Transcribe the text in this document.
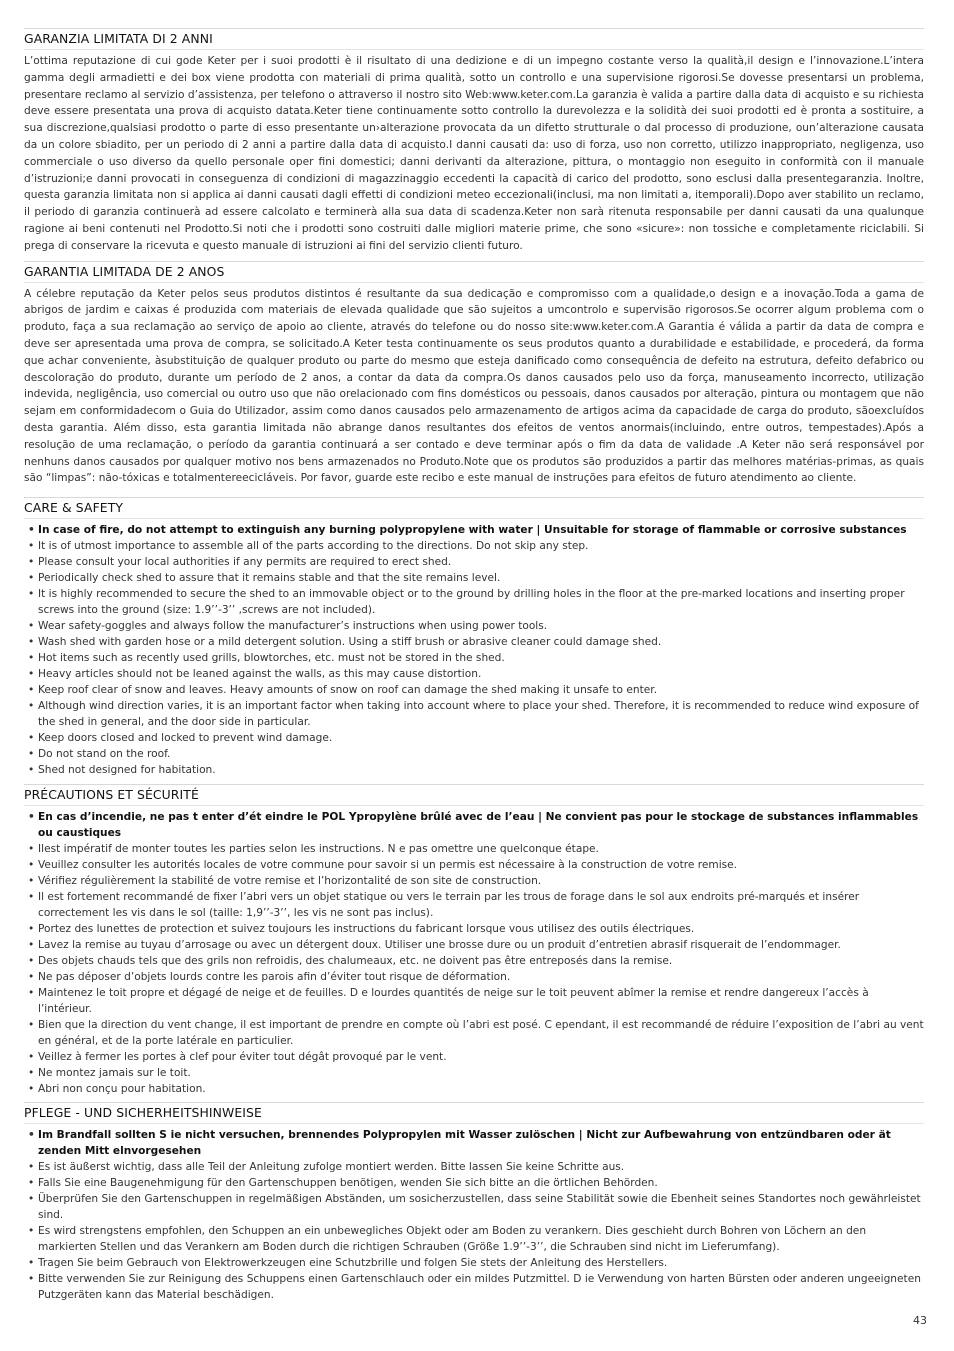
GARANZIA LIMITATA DI 2 ANNI

L’ottima reputazione di cui gode Keter per i suoi prodotti è il risultato di una dedizione e di un impegno costante verso la qualità,il design e l’innovazione.L’intera gamma degli armadietti e dei box viene prodotta con materiali di prima qualità, sotto un controllo e una supervisione rigorosi.Se dovesse presentarsi un problema, presentare reclamo al servizio d’assistenza, per telefono o attraverso il nostro sito Web:www.keter.com.La garanzia è valida a partire dalla data di acquisto e su richiesta deve essere presentata una prova di acquisto datata.Keter tiene continuamente sotto controllo la durevolezza e la solidità dei suoi prodotti ed è pronta a sostituire, a sua discrezione,qualsiasi prodotto o parte di esso presentante un›alterazione provocata da un difetto strutturale o dal processo di produzione, oun’alterazione causata da un colore sbiadito, per un periodo di 2 anni a partire dalla data di acquisto.I danni causati da: uso di forza, uso non corretto, utilizzo inappropriato, negligenza, uso commerciale o uso diverso da quello personale oper fini domestici; danni derivanti da alterazione, pittura, o montaggio non eseguito in conformità con il manuale d’istruzioni;e danni provocati in conseguenza di condizioni di magazzinaggio eccedenti la capacità di carico del prodotto, sono esclusi dalla presentegaranzia. Inoltre, questa garanzia limitata non si applica ai danni causati dagli effetti di condizioni meteo eccezionali(inclusi, ma non limitati a, itemporali).Dopo aver stabilito un reclamo, il periodo di garanzia continuerà ad essere calcolato e terminerà alla sua data di scadenza.Keter non sarà ritenuta responsabile per danni causati da una qualunque ragione ai beni contenuti nel Prodotto.Si noti che i prodotti sono costruiti dalle migliori materie prime, che sono «sicure»: non tossiche e completamente riciclabili. Si prega di conservare la ricevuta e questo manuale di istruzioni ai fini del servizio clienti futuro.

GARANTIA LIMITADA DE 2 ANOS

A célebre reputação da Keter pelos seus produtos distintos é resultante da sua dedicação e compromisso com a qualidade,o design e a inovação.Toda a gama de abrigos de jardim e caixas é produzida com materiais de elevada qualidade que são sujeitos a umcontrolo e supervisão rigorosos.Se ocorrer algum problema com o produto, faça a sua reclamação ao serviço de apoio ao cliente, através do telefone ou do nosso site:www.keter.com.A Garantia é válida a partir da data de compra e deve ser apresentada uma prova de compra, se solicitado.A Keter testa continuamente os seus produtos quanto a durabilidade e estabilidade, e procederá, da forma que achar conveniente, àsubstituição de qualquer produto ou parte do mesmo que esteja danificado como consequência de defeito na estrutura, defeito defabrico ou descoloração do produto, durante um período de 2 anos, a contar da data da compra.Os danos causados pelo uso da força, manuseamento incorrecto, utilização indevida, negligência, uso comercial ou outro uso que não orelacionado com fins domésticos ou pessoais, danos causados por alteração, pintura ou montagem que não sejam em conformidadecom o Guia do Utilizador, assim como danos causados pelo armazenamento de artigos acima da capacidade de carga do produto, sãoexcluídos desta garantia. Além disso, esta garantia limitada não abrange danos resultantes dos efeitos de ventos anormais(incluindo, entre outros, tempestades).Após a resolução de uma reclamação, o período da garantia continuará a ser contado e deve terminar após o fim da data de validade .A Keter não será responsável por nenhuns danos causados por qualquer motivo nos bens armazenados no Produto.Note que os produtos são produzidos a partir das melhores matérias-primas, as quais são “limpas”: não-tóxicas e totalmentereecicláveis. Por favor, guarde este recibo e este manual de instruções para efeitos de futuro atendimento ao cliente.

CARE & SAFETY
• In case of fire, do not attempt to extinguish any burning polypropylene with water | Unsuitable for storage of flammable or corrosive substances
• It is of utmost importance to assemble all of the parts according to the directions. Do not skip any step.
• Please consult your local authorities if any permits are required to erect shed.
• Periodically check shed to assure that it remains stable and that the site remains level.
• It is highly recommended to secure the shed to an immovable object or to the ground by drilling holes in the floor at the pre-marked locations and inserting proper screws into the ground (size: 1.9’’-3’’ ,screws are not included).
• Wear safety-goggles and always follow the manufacturer’s instructions when using power tools.
• Wash shed with garden hose or a mild detergent solution. Using a stiff brush or abrasive cleaner could damage shed.
• Hot items such as recently used grills, blowtorches, etc. must not be stored in the shed.
• Heavy articles should not be leaned against the walls, as this may cause distortion.
• Keep roof clear of snow and leaves. Heavy amounts of snow on roof can damage the shed making it unsafe to enter.
• Although wind direction varies, it is an important factor when taking into account where to place your shed. Therefore, it is recommended to reduce wind exposure of the shed in general, and the door side in particular.
• Keep doors closed and locked to prevent wind damage.
• Do not stand on the roof.
• Shed not designed for habitation.
PRÉCAUTIONS ET SÉCURITÉ
• En cas d’incendie, ne pas t enter d’ét eindre le POL Ypropylène brûlé avec de l’eau | Ne convient pas pour le stockage de substances inflammables ou caustiques
• Ilest impératif de monter toutes les parties selon les instructions. N e pas omettre une quelconque étape.
• Veuillez consulter les autorités locales de votre commune pour savoir si un permis est nécessaire à la construction de votre remise.
• Vérifiez régulièrement la stabilité de votre remise et l’horizontalité de son site de construction.
• Il est fortement recommandé de fixer l’abri vers un objet statique ou vers le terrain par les trous de forage dans le sol aux endroits pré-marqués et insérer correctement les vis dans le sol (taille: 1,9’’-3’’, les vis ne sont pas inclus).
• Portez des lunettes de protection et suivez toujours les instructions du fabricant lorsque vous utilisez des outils électriques.
• Lavez la remise au tuyau d’arrosage ou avec un détergent doux. Utiliser une brosse dure ou un produit d’entretien abrasif risquerait de l’endommager.
• Des objets chauds tels que des grils non refroidis, des chalumeaux, etc. ne doivent pas être entreposés dans la remise.
• Ne pas déposer d’objets lourds contre les parois afin d’éviter tout risque de déformation.
• Maintenez le toit propre et dégagé de neige et de feuilles. D e lourdes quantités de neige sur le toit peuvent abîmer la remise et rendre dangereux l’accès à l’intérieur.
• Bien que la direction du vent change, il est important de prendre en compte où l’abri est posé. C ependant, il est recommandé de réduire l’exposition de l’abri au vent en général, et de la porte latérale en particulier.
• Veillez à fermer les portes à clef pour éviter tout dégât provoqué par le vent.
• Ne montez jamais sur le toit.
• Abri non conçu pour habitation.
PFLEGE - UND SICHERHEITSHINWEISE
• Im Brandfall sollten S ie nicht versuchen, brennendes Polypropylen mit Wasser zulöschen | Nicht zur Aufbewahrung von entzündbaren oder ät zenden Mitt elnvorgesehen
• Es ist äußerst wichtig, dass alle Teil der Anleitung zufolge montiert werden. Bitte lassen Sie keine Schritte aus.
• Falls Sie eine Baugenehmigung für den Gartenschuppen benötigen, wenden Sie sich bitte an die örtlichen Behörden.
• Überprüfen Sie den Gartenschuppen in regelmäßigen Abständen, um sosicherzustellen, dass seine Stabilität sowie die Ebenheit seines Standortes noch gewährleistet sind.
• Es wird strengstens empfohlen, den Schuppen an ein unbewegliches Objekt oder am Boden zu verankern. Dies geschieht durch Bohren von Löchern an den markierten Stellen und das Verankern am Boden durch die richtigen Schrauben (Größe 1.9’’-3’’, die Schrauben sind nicht im Lieferumfang).
• Tragen Sie beim Gebrauch von Elektrowerkzeugen eine Schutzbrille und folgen Sie stets der Anleitung des Herstellers.
• Bitte verwenden Sie zur Reinigung des Schuppens einen Gartenschlauch oder ein mildes Putzmittel. D ie Verwendung von harten Bürsten oder anderen ungeeigneten Putzgeräten kann das Material beschädigen.
43
